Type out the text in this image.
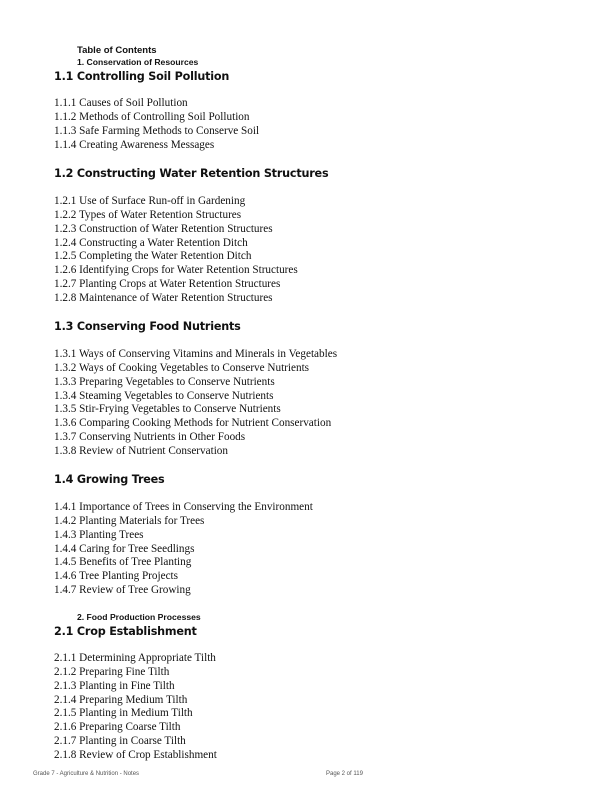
Table of Contents
1. Conservation of Resources
1.1 Controlling Soil Pollution
1.1.1 Causes of Soil Pollution
1.1.2 Methods of Controlling Soil Pollution
1.1.3 Safe Farming Methods to Conserve Soil
1.1.4 Creating Awareness Messages
1.2 Constructing Water Retention Structures
1.2.1 Use of Surface Run-off in Gardening
1.2.2 Types of Water Retention Structures
1.2.3 Construction of Water Retention Structures
1.2.4 Constructing a Water Retention Ditch
1.2.5 Completing the Water Retention Ditch
1.2.6 Identifying Crops for Water Retention Structures
1.2.7 Planting Crops at Water Retention Structures
1.2.8 Maintenance of Water Retention Structures
1.3 Conserving Food Nutrients
1.3.1 Ways of Conserving Vitamins and Minerals in Vegetables
1.3.2 Ways of Cooking Vegetables to Conserve Nutrients
1.3.3 Preparing Vegetables to Conserve Nutrients
1.3.4 Steaming Vegetables to Conserve Nutrients
1.3.5 Stir-Frying Vegetables to Conserve Nutrients
1.3.6 Comparing Cooking Methods for Nutrient Conservation
1.3.7 Conserving Nutrients in Other Foods
1.3.8 Review of Nutrient Conservation
1.4 Growing Trees
1.4.1 Importance of Trees in Conserving the Environment
1.4.2 Planting Materials for Trees
1.4.3 Planting Trees
1.4.4 Caring for Tree Seedlings
1.4.5 Benefits of Tree Planting
1.4.6 Tree Planting Projects
1.4.7 Review of Tree Growing
2. Food Production Processes
2.1 Crop Establishment
2.1.1 Determining Appropriate Tilth
2.1.2 Preparing Fine Tilth
2.1.3 Planting in Fine Tilth
2.1.4 Preparing Medium Tilth
2.1.5 Planting in Medium Tilth
2.1.6 Preparing Coarse Tilth
2.1.7 Planting in Coarse Tilth
2.1.8 Review of Crop Establishment
Grade 7 - Agriculture & Nutrition - Notes	Page 2 of 119
